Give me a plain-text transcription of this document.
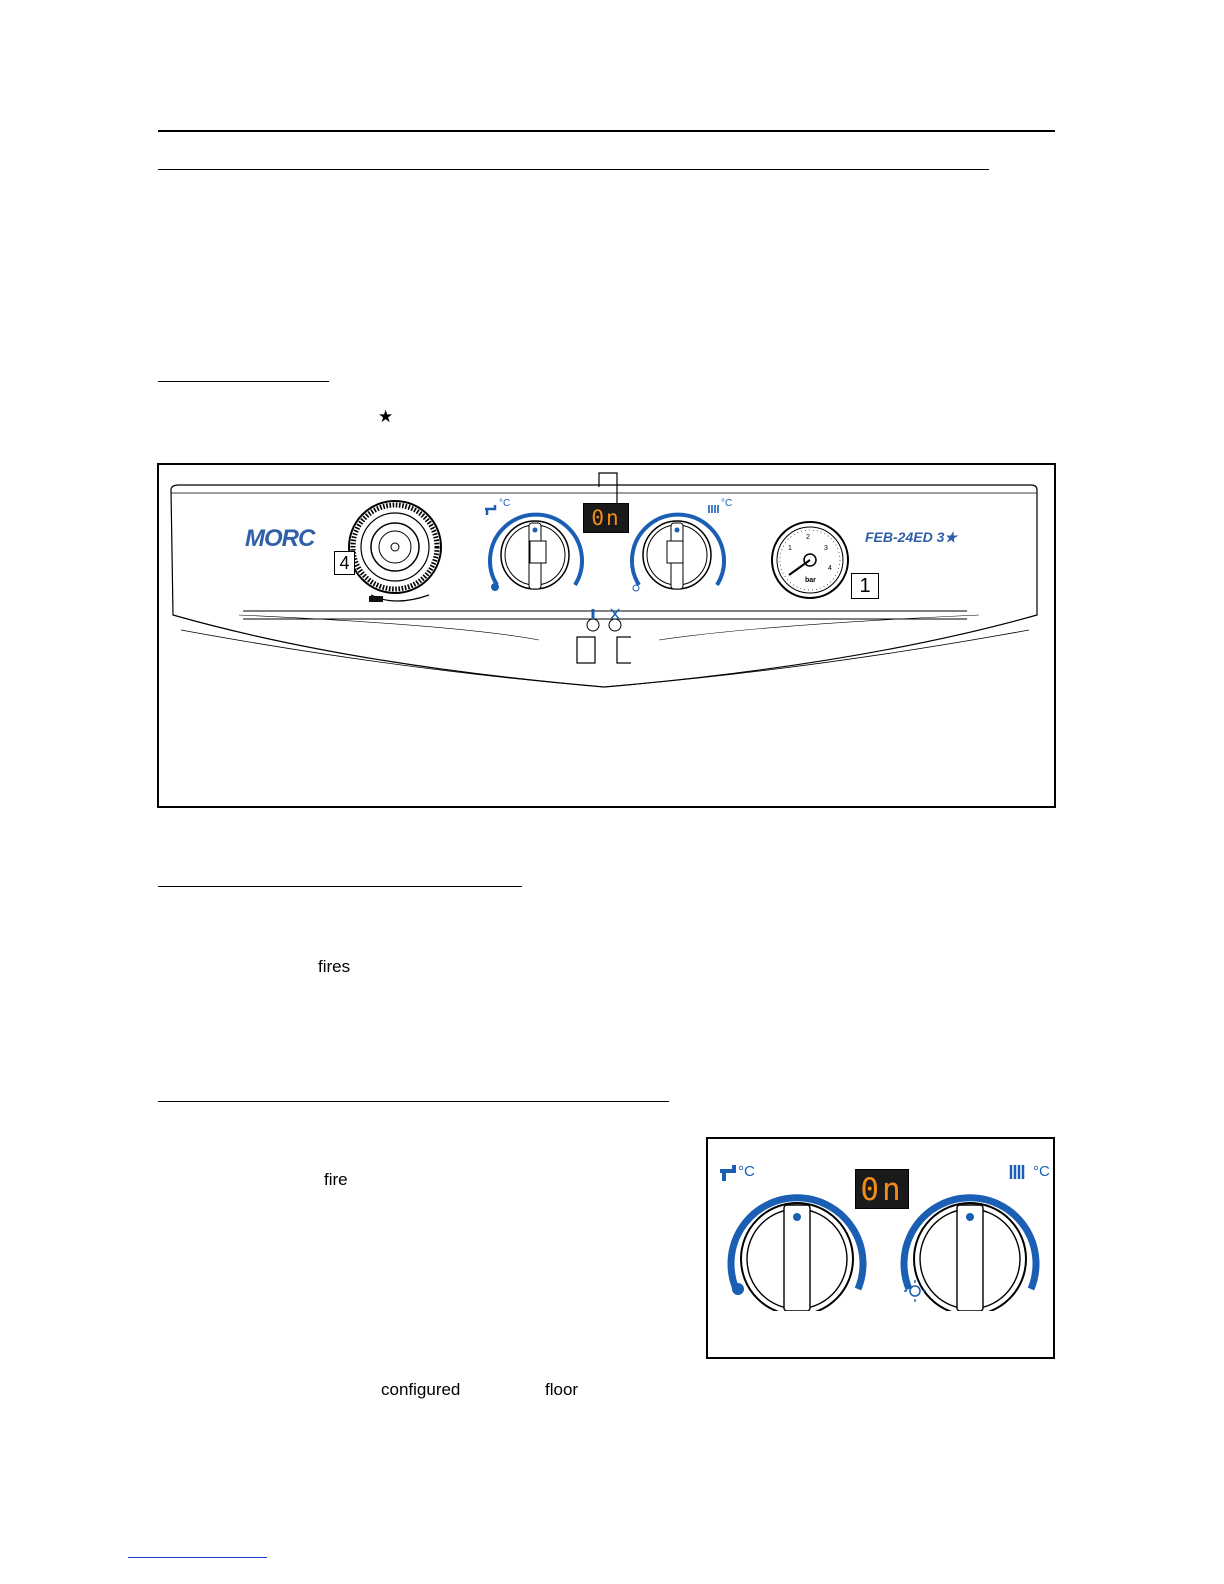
★
4
MORC
°C	°C
0n
1
2
3
4
bar	1
FEB-24ED 3★
fires
fire	°C	°C
0n
configured	floor
